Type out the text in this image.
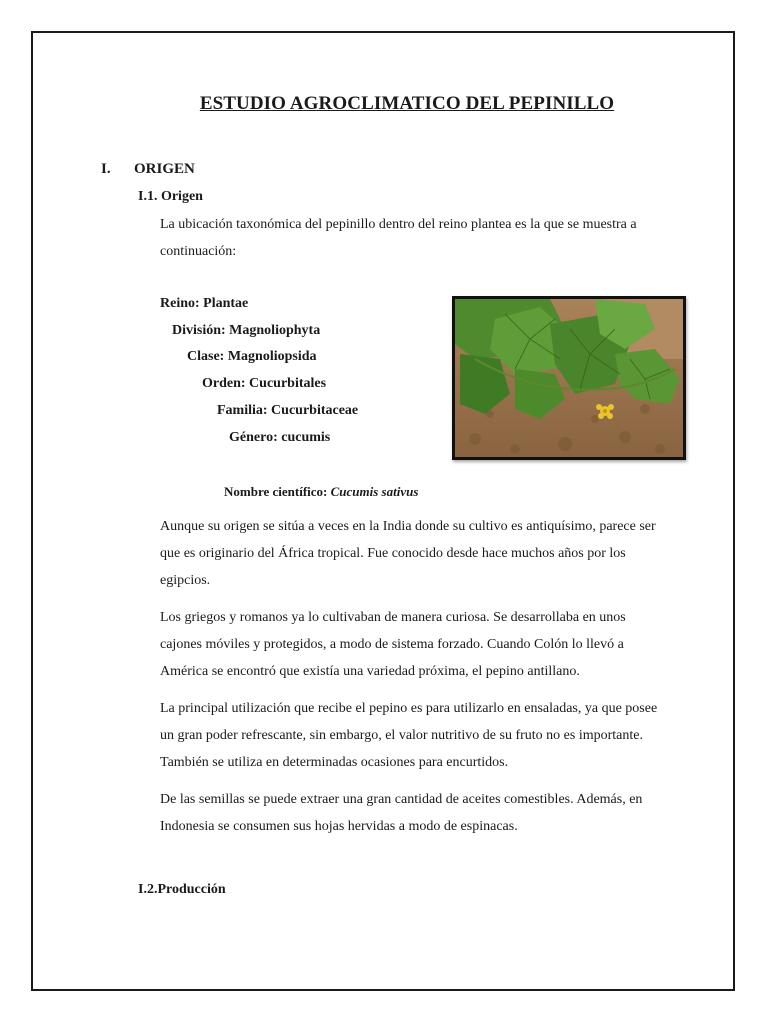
ESTUDIO AGROCLIMATICO DEL PEPINILLO
I. ORIGEN
I.1. Origen
La ubicación taxonómica del pepinillo dentro del reino plantea es la que se muestra a continuación:
Reino: Plantae
División: Magnoliophyta
Clase: Magnoliopsida
Orden: Cucurbitales
Familia: Cucurbitaceae
Género: cucumis
Nombre científico: Cucumis sativus
Aunque su origen se sitúa a veces en la India donde su cultivo es antiquísimo, parece ser que es originario del África tropical. Fue conocido desde hace muchos años por los egipcios.
Los griegos y romanos ya lo cultivaban de manera curiosa. Se desarrollaba en unos cajones móviles y protegidos, a modo de sistema forzado. Cuando Colón lo llevó a América se encontró que existía una variedad próxima, el pepino antillano.
La principal utilización que recibe el pepino es para utilizarlo en ensaladas, ya que posee un gran poder refrescante, sin embargo, el valor nutritivo de su fruto no es importante. También se utiliza en determinadas ocasiones para encurtidos.
De las semillas se puede extraer una gran cantidad de aceites comestibles. Además, en Indonesia se consumen sus hojas hervidas a modo de espinacas.
I.2.Producción
